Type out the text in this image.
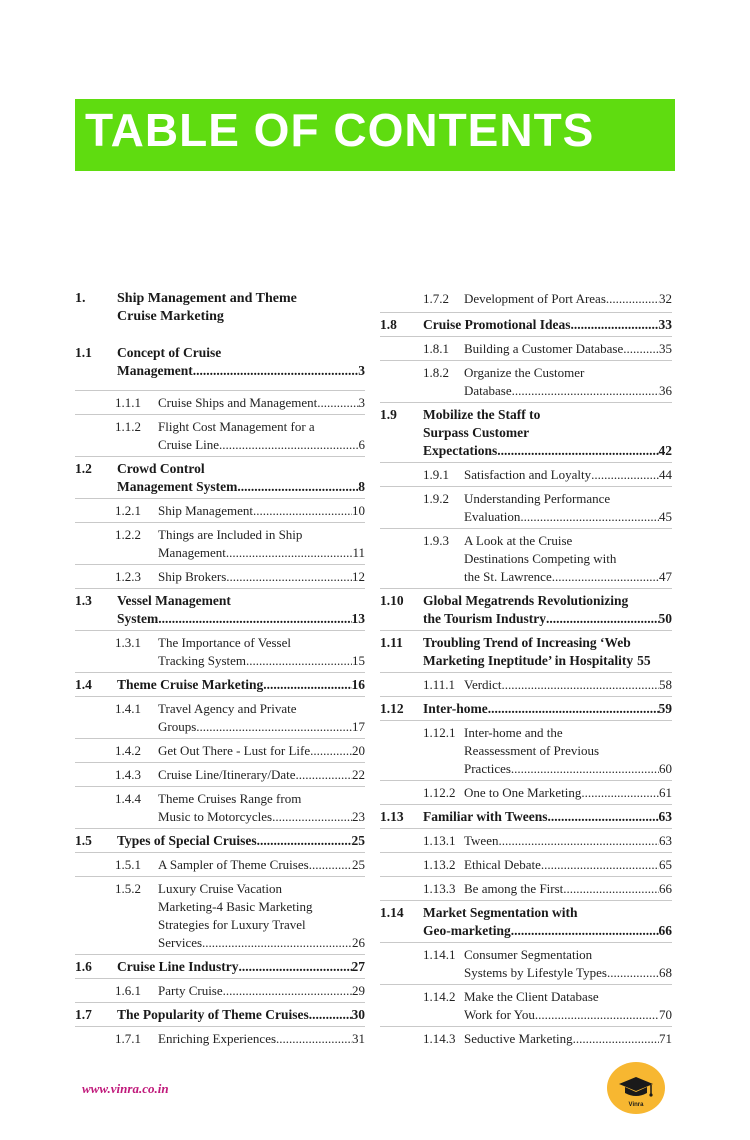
TABLE OF CONTENTS
1. Ship Management and Theme
Cruise Marketing
1.1 Concept of Cruise
Management .....	3
1.1.1 Cruise Ships and Management .....	3
1.1.2 Flight Cost Management for a
Cruise Line .....	6
1.2 Crowd Control
Management System .....	8
1.2.1 Ship Management .....	10
1.2.2 Things are Included in Ship
Management .....	11
1.2.3 Ship Brokers .....	12
1.3 Vessel Management
System .....	13
1.3.1 The Importance of Vessel
Tracking System .....	15
1.4 Theme Cruise Marketing .....	16
1.4.1 Travel Agency and Private
Groups .....	17
1.4.2 Get Out There - Lust for Life .....	20
1.4.3 Cruise Line/Itinerary/Date .....	22
1.4.4 Theme Cruises Range from
Music to Motorcycles .....	23
1.5 Types of Special Cruises .....	25
1.5.1 A Sampler of Theme Cruises .....	25
1.5.2 Luxury Cruise Vacation
Marketing-4 Basic Marketing
Strategies for Luxury Travel
Services .....	26
1.6 Cruise Line Industry .....	27
1.6.1 Party Cruise .....	29
1.7 The Popularity of Theme Cruises .....	30
1.7.1 Enriching Experiences .....	31
1.7.2 Development of Port Areas .....	32
1.8 Cruise Promotional Ideas .....	33
1.8.1 Building a Customer Database .....	35
1.8.2 Organize the Customer
Database .....	36
1.9 Mobilize the Staff to
Surpass Customer
Expectations .....	42
1.9.1 Satisfaction and Loyalty .....	44
1.9.2 Understanding Performance
Evaluation .....	45
1.9.3 A Look at the Cruise
Destinations Competing with
the St. Lawrence .....	47
1.10 Global Megatrends Revolutionizing
the Tourism Industry .....	50
1.11 Troubling Trend of Increasing ‘Web
Marketing Ineptitude’ in Hospitality 55
1.11.1 Verdict .....	58
1.12 Inter-home .....	59
1.12.1 Inter-home and the
Reassessment of Previous
Practices .....	60
1.12.2 One to One Marketing .....	61
1.13 Familiar with Tweens .....	63
1.13.1 Tween .....	63
1.13.2 Ethical Debate .....	65
1.13.3 Be among the First .....	66
1.14 Market Segmentation with
Geo-marketing .....	66
1.14.1 Consumer Segmentation
Systems by Lifestyle Types .....	68
1.14.2 Make the Client Database
Work for You .....	70
1.14.3 Seductive Marketing .....	71
www.vinra.co.in
Vinra
